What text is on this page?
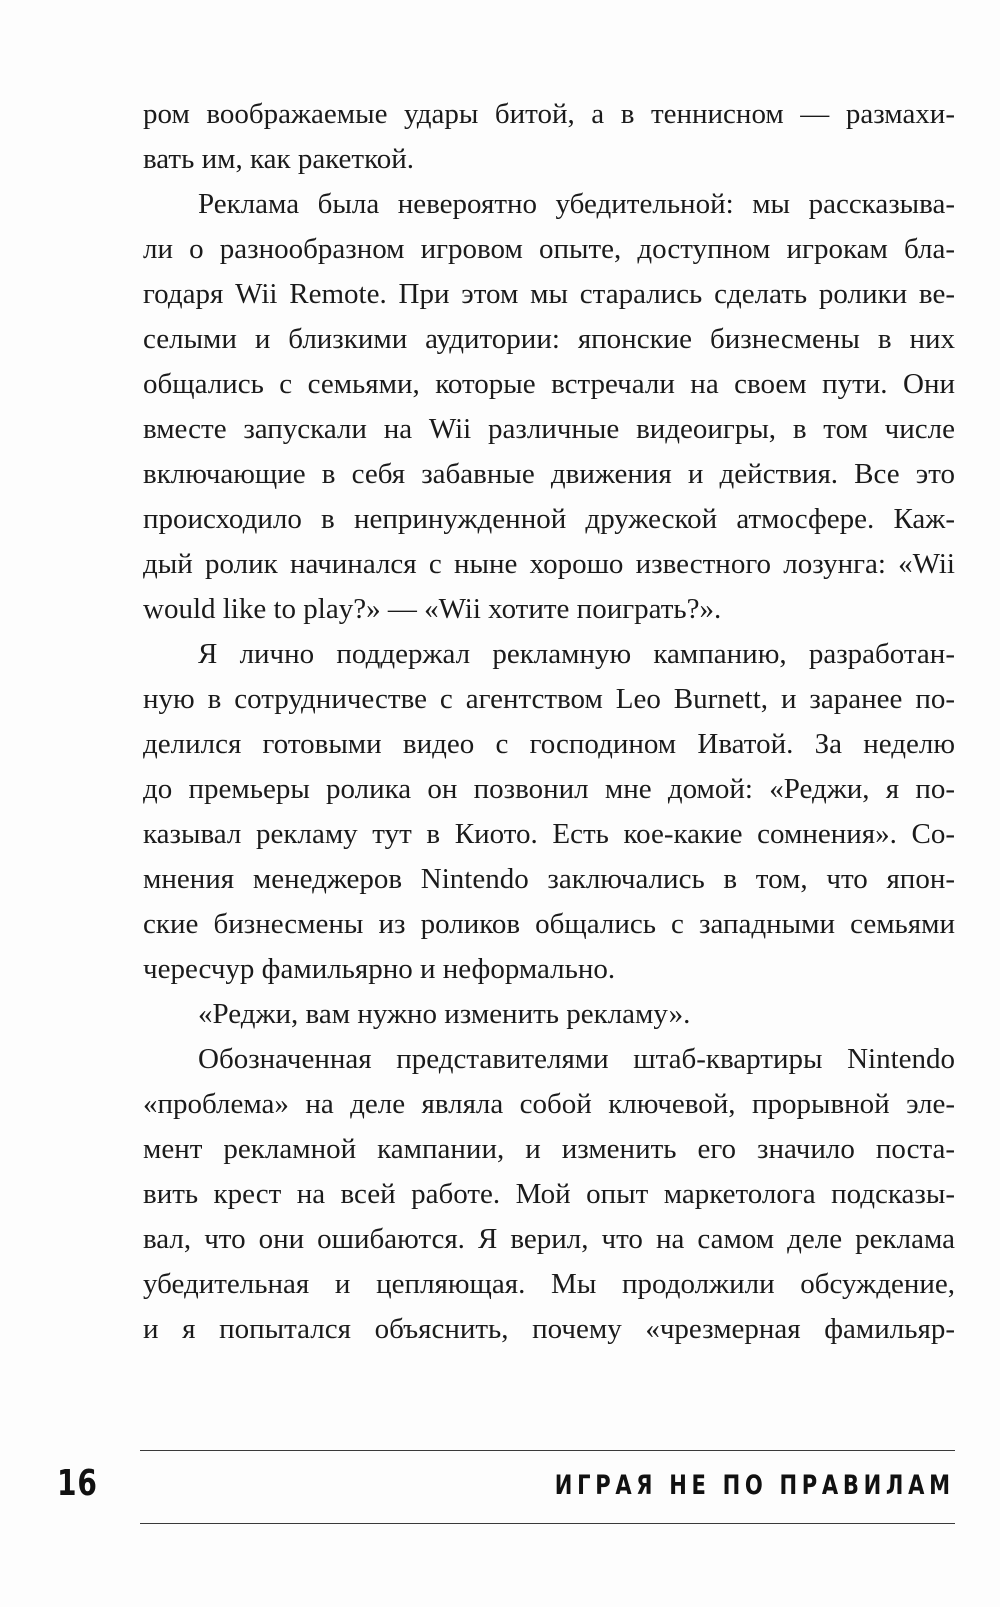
ром воображаемые удары битой, а в теннисном — размахи-
вать им, как ракеткой.
Реклама была невероятно убедительной: мы рассказыва-
ли о разнообразном игровом опыте, доступном игрокам бла-
годаря Wii Remote. При этом мы старались сделать ролики ве-
селыми и близкими аудитории: японские бизнесмены в них
общались с семьями, которые встречали на своем пути. Они
вместе запускали на Wii различные видеоигры, в том числе
включающие в себя забавные движения и действия. Все это
происходило в непринужденной дружеской атмосфере. Каж-
дый ролик начинался с ныне хорошо известного лозунга: «Wii
would like to play?» — «Wii хотите поиграть?».
Я лично поддержал рекламную кампанию, разработан-
ную в сотрудничестве с агентством Leo Burnett, и заранее по-
делился готовыми видео с господином Иватой. За неделю
до премьеры ролика он позвонил мне домой: «Реджи, я по-
казывал рекламу тут в Киото. Есть кое-какие сомнения». Со-
мнения менеджеров Nintendo заключались в том, что япон-
ские бизнесмены из роликов общались с западными семьями
чересчур фамильярно и неформально.
«Реджи, вам нужно изменить рекламу».
Обозначенная представителями штаб-квартиры Nintendo
«проблема» на деле являла собой ключевой, прорывной эле-
мент рекламной кампании, и изменить его значило поста-
вить крест на всей работе. Мой опыт маркетолога подсказы-
вал, что они ошибаются. Я верил, что на самом деле реклама
убедительная и цепляющая. Мы продолжили обсуждение,
и я попытался объяснить, почему «чрезмерная фамильяр-
16	ИГРАЯ НЕ ПО ПРАВИЛАМ
